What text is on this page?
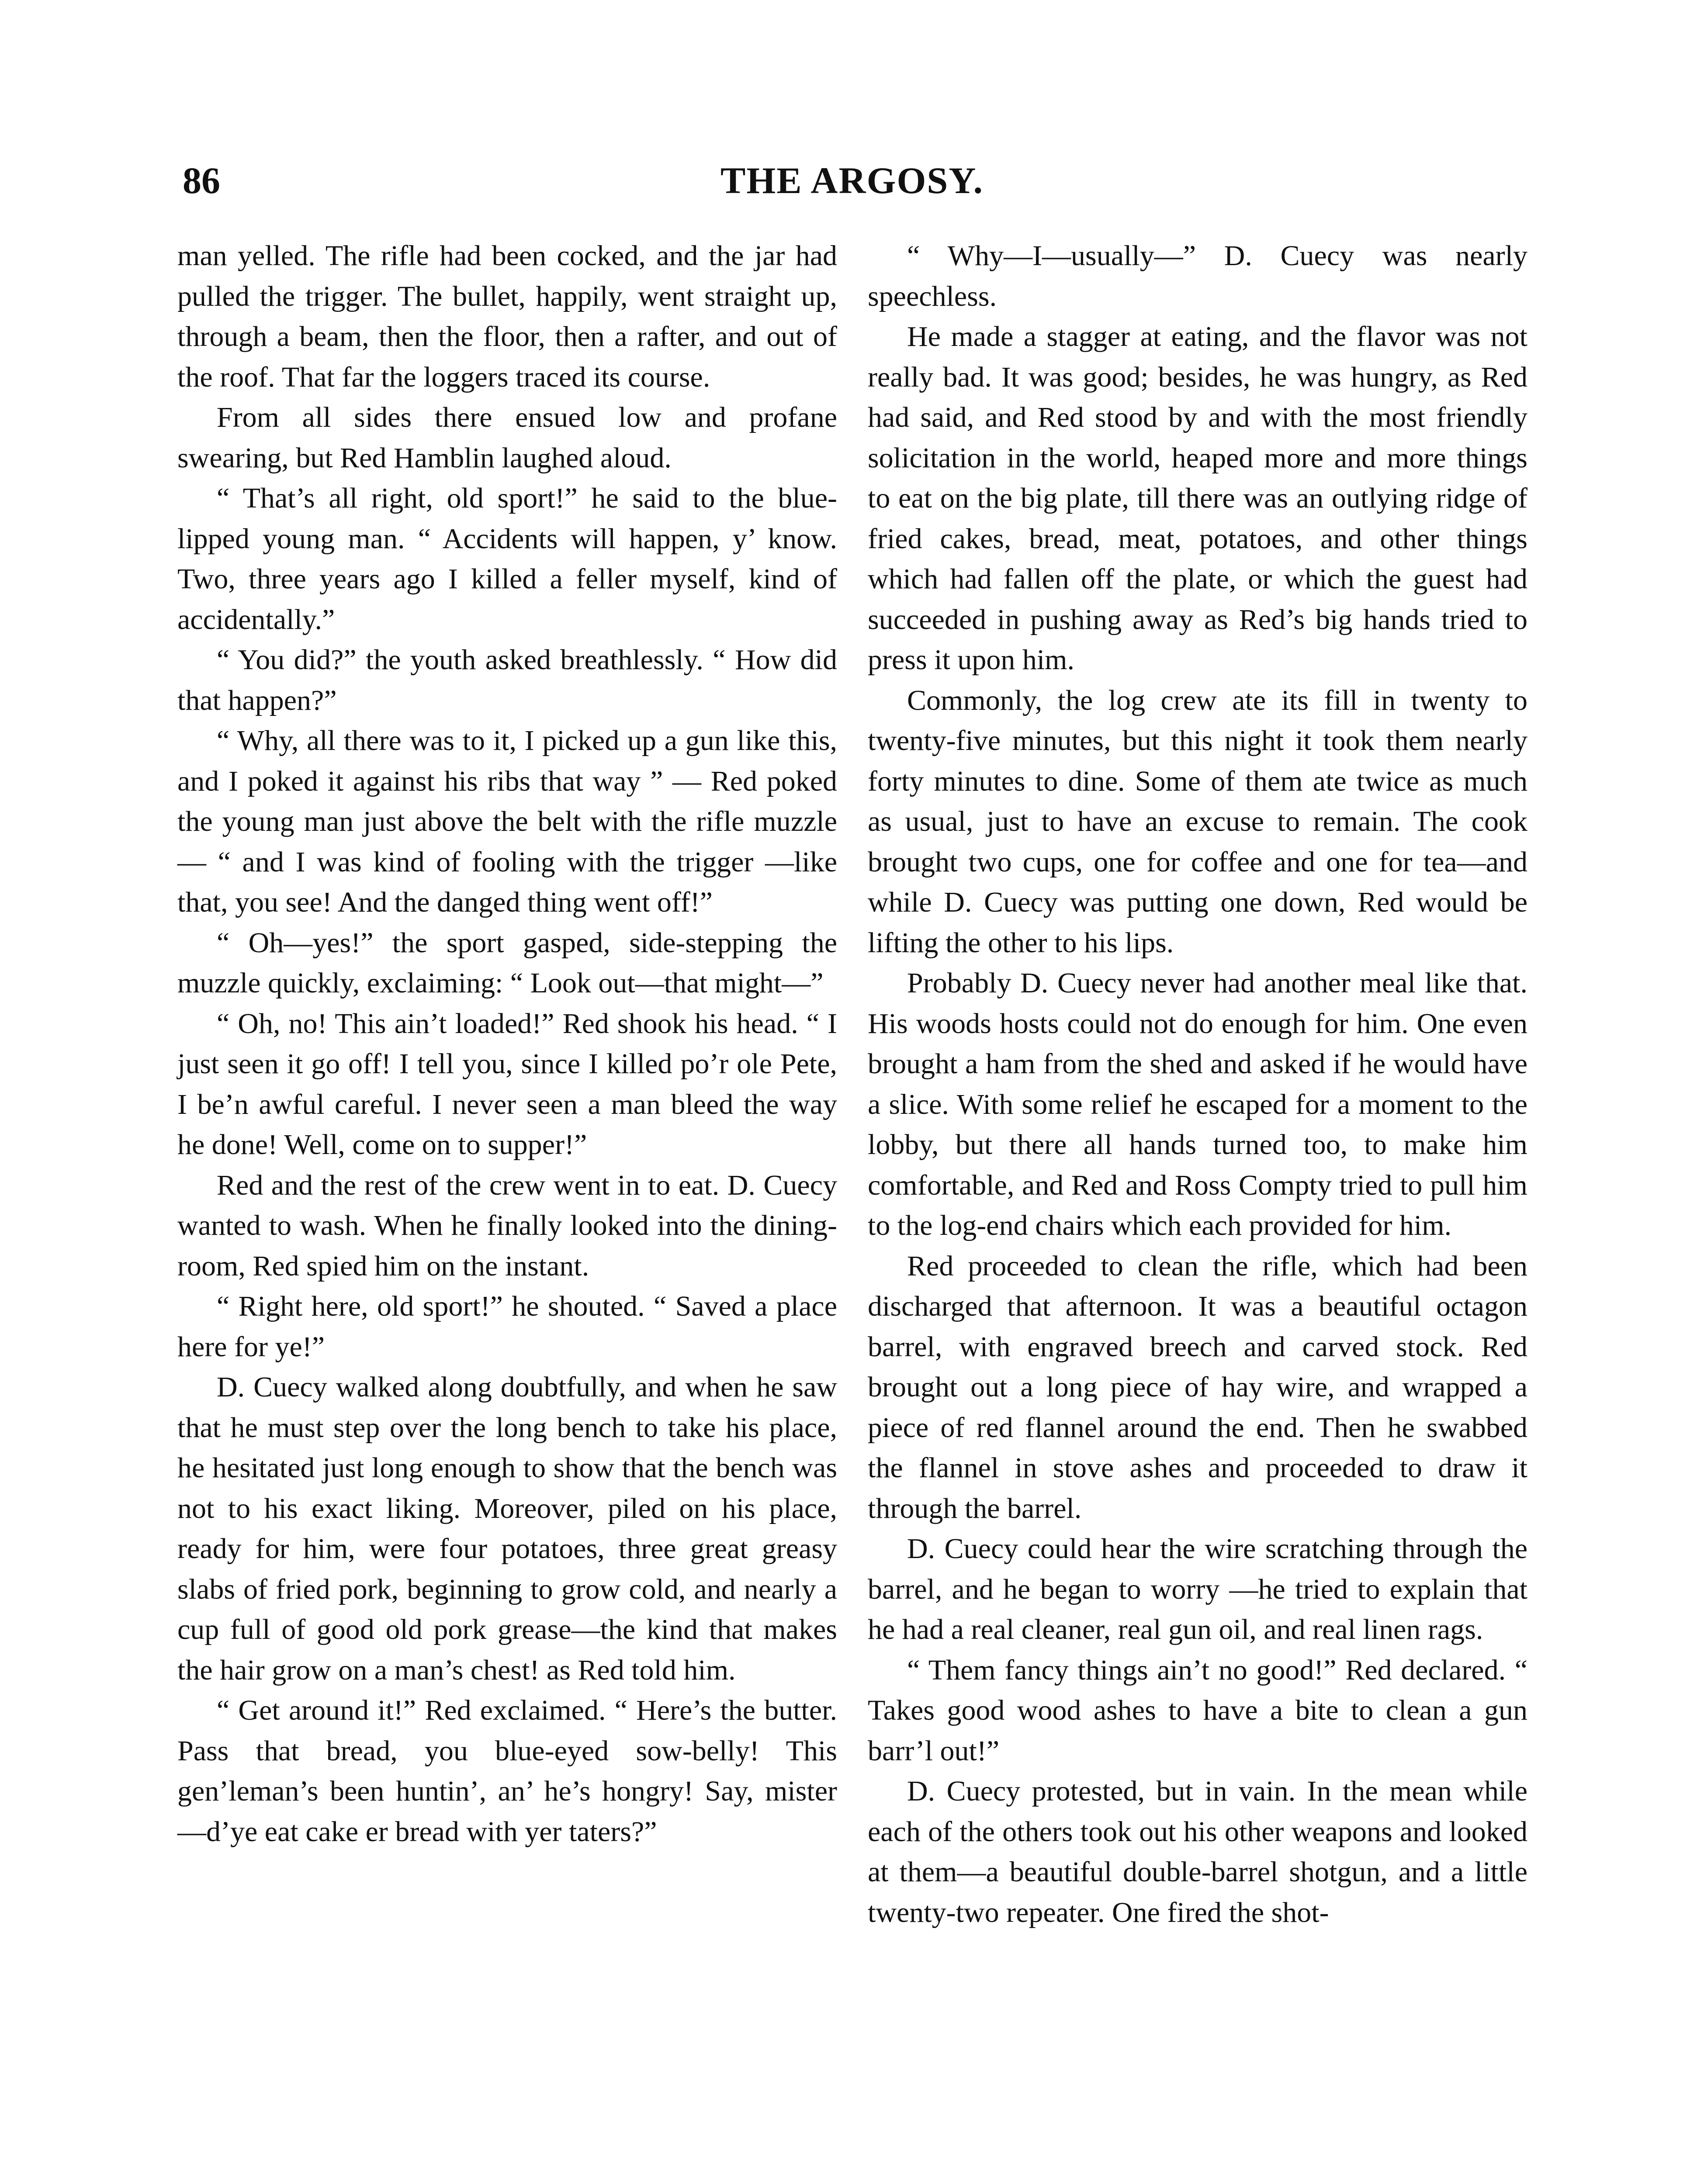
86	THE ARGOSY.

man yelled. The rifle had been cocked, and the jar had pulled the trigger. The bullet, happily, went straight up, through a beam, then the floor, then a rafter, and out of the roof. That far the loggers traced its course.

From all sides there ensued low and profane swearing, but Red Hamblin laughed aloud.

“ That’s all right, old sport!” he said to the blue-lipped young man. “ Accidents will happen, y’ know. Two, three years ago I killed a feller myself, kind of accidentally.”

“ You did?” the youth asked breathlessly. “ How did that happen?”

“ Why, all there was to it, I picked up a gun like this, and I poked it against his ribs that way ” — Red poked the young man just above the belt with the rifle muzzle— “ and I was kind of fooling with the trigger —like that, you see! And the danged thing went off!”

“ Oh—yes!” the sport gasped, side-stepping the muzzle quickly, exclaiming: “ Look out—that might—”

“ Oh, no! This ain’t loaded!” Red shook his head. “ I just seen it go off! I tell you, since I killed po’r ole Pete, I be’n awful careful. I never seen a man bleed the way he done! Well, come on to supper!”

Red and the rest of the crew went in to eat. D. Cuecy wanted to wash. When he finally looked into the dining-room, Red spied him on the instant.

“ Right here, old sport!” he shouted. “ Saved a place here for ye!”

D. Cuecy walked along doubtfully, and when he saw that he must step over the long bench to take his place, he hesitated just long enough to show that the bench was not to his exact liking. Moreover, piled on his place, ready for him, were four potatoes, three great greasy slabs of fried pork, beginning to grow cold, and nearly a cup full of good old pork grease—the kind that makes the hair grow on a man’s chest! as Red told him.

“ Get around it!” Red exclaimed. “ Here’s the butter. Pass that bread, you blue-eyed sow-belly! This gen’leman’s been huntin’, an’ he’s hongry! Say, mister —d’ye eat cake er bread with yer taters?”

“ Why—I—usually—” D. Cuecy was nearly speechless.

He made a stagger at eating, and the flavor was not really bad. It was good; besides, he was hungry, as Red had said, and Red stood by and with the most friendly solicitation in the world, heaped more and more things to eat on the big plate, till there was an outlying ridge of fried cakes, bread, meat, potatoes, and other things which had fallen off the plate, or which the guest had succeeded in pushing away as Red’s big hands tried to press it upon him.

Commonly, the log crew ate its fill in twenty to twenty-five minutes, but this night it took them nearly forty minutes to dine. Some of them ate twice as much as usual, just to have an excuse to remain. The cook brought two cups, one for coffee and one for tea—and while D. Cuecy was putting one down, Red would be lifting the other to his lips.

Probably D. Cuecy never had another meal like that. His woods hosts could not do enough for him. One even brought a ham from the shed and asked if he would have a slice. With some relief he escaped for a moment to the lobby, but there all hands turned too, to make him comfortable, and Red and Ross Compty tried to pull him to the log-end chairs which each provided for him.

Red proceeded to clean the rifle, which had been discharged that afternoon. It was a beautiful octagon barrel, with engraved breech and carved stock. Red brought out a long piece of hay wire, and wrapped a piece of red flannel around the end. Then he swabbed the flannel in stove ashes and proceeded to draw it through the barrel.

D. Cuecy could hear the wire scratching through the barrel, and he began to worry —he tried to explain that he had a real cleaner, real gun oil, and real linen rags.

“ Them fancy things ain’t no good!” Red declared. “ Takes good wood ashes to have a bite to clean a gun barr’l out!”

D. Cuecy protested, but in vain. In the mean while each of the others took out his other weapons and looked at them—a beautiful double-barrel shotgun, and a little twenty-two repeater. One fired the shot-
